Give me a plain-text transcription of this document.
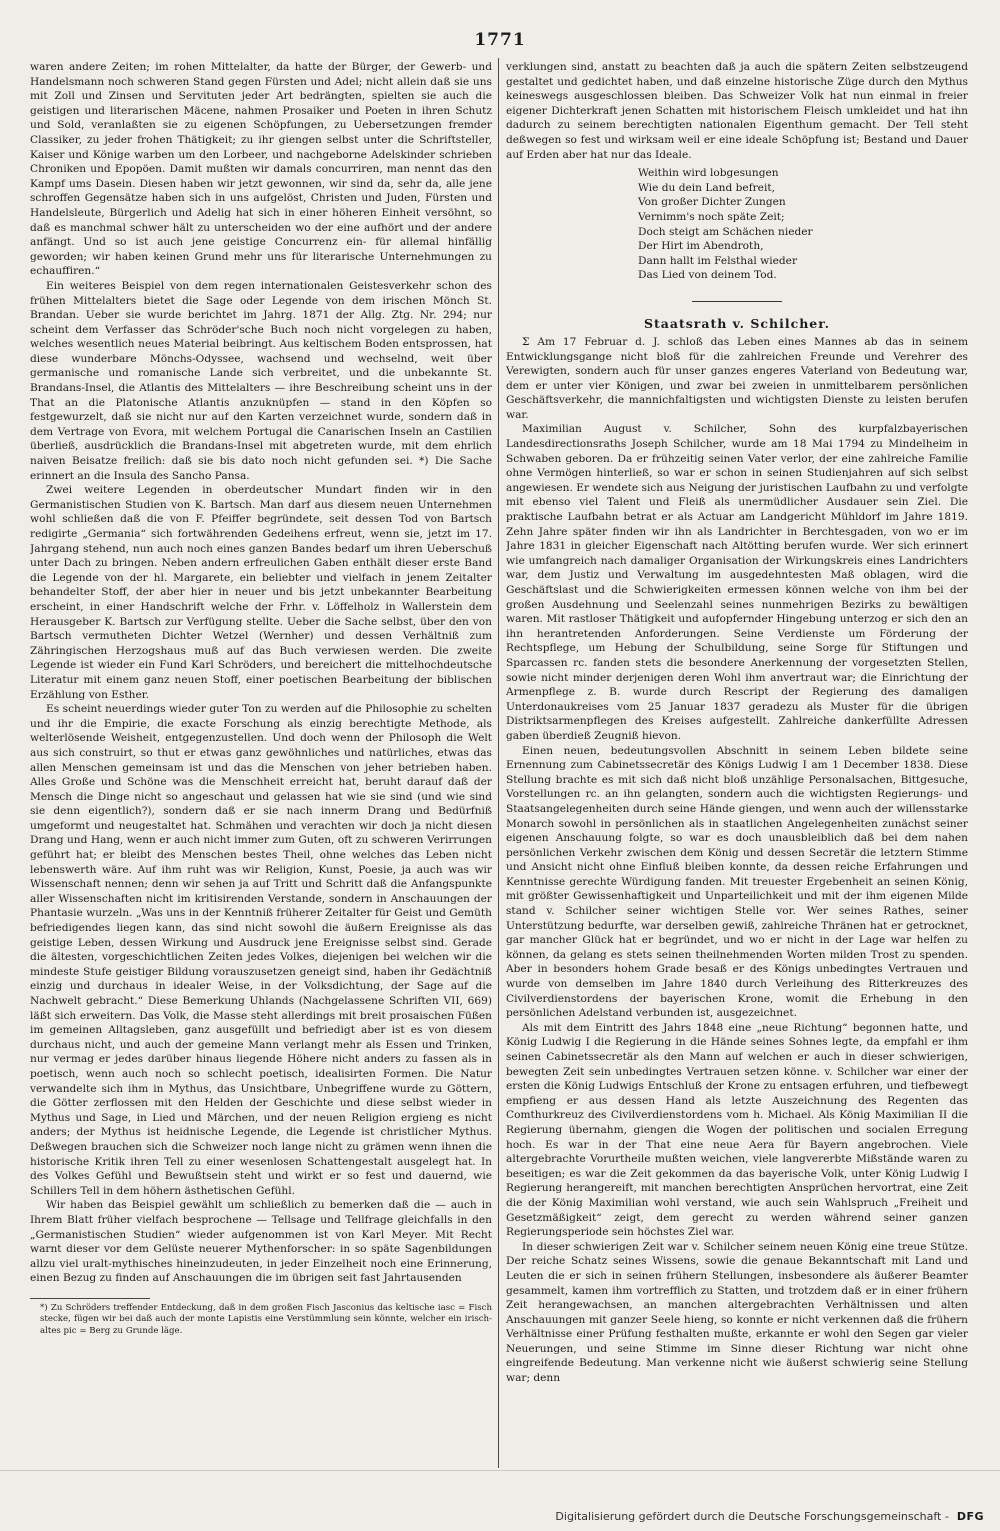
1771

waren andere Zeiten; im rohen Mittelalter, da hatte der Bürger, der Gewerb- und Handelsmann noch schweren Stand gegen Fürsten und Adel; nicht allein daß sie uns mit Zoll und Zinsen und Servituten jeder Art bedrängten, spielten sie auch die geistigen und literarischen Mäcene, nahmen Prosaiker und Poeten in ihren Schutz und Sold, veranlaßten sie zu eigenen Schöpfungen, zu Uebersetzungen fremder Classiker, zu jeder frohen Thätigkeit; zu ihr giengen selbst unter die Schriftsteller, Kaiser und Könige warben um den Lorbeer, und nachgeborne Adelskinder schrieben Chroniken und Epopöen. Damit mußten wir damals concurriren, man nennt das den Kampf ums Dasein. Diesen haben wir jetzt gewonnen, wir sind da, sehr da, alle jene schroffen Gegensätze haben sich in uns aufgelöst, Christen und Juden, Fürsten und Handelsleute, Bürgerlich und Adelig hat sich in einer höheren Einheit versöhnt, so daß es manchmal schwer hält zu unterscheiden wo der eine aufhört und der andere anfängt. Und so ist auch jene geistige Concurrenz ein- für allemal hinfällig geworden; wir haben keinen Grund mehr uns für literarische Unternehmungen zu echauffiren.“

Ein weiteres Beispiel von dem regen internationalen Geistesverkehr schon des frühen Mittelalters bietet die Sage oder Legende von dem irischen Mönch St. Brandan. Ueber sie wurde berichtet im Jahrg. 1871 der Allg. Ztg. Nr. 294; nur scheint dem Verfasser das Schröder'sche Buch noch nicht vorgelegen zu haben, welches wesentlich neues Material beibringt. Aus keltischem Boden entsprossen, hat diese wunderbare Mönchs-Odyssee, wachsend und wechselnd, weit über germanische und romanische Lande sich verbreitet, und die unbekannte St. Brandans-Insel, die Atlantis des Mittelalters — ihre Beschreibung scheint uns in der That an die Platonische Atlantis anzuknüpfen — stand in den Köpfen so festgewurzelt, daß sie nicht nur auf den Karten verzeichnet wurde, sondern daß in dem Vertrage von Evora, mit welchem Portugal die Canarischen Inseln an Castilien überließ, ausdrücklich die Brandans-Insel mit abgetreten wurde, mit dem ehrlich naiven Beisatze freilich: daß sie bis dato noch nicht gefunden sei. *) Die Sache erinnert an die Insula des Sancho Pansa.

Zwei weitere Legenden in oberdeutscher Mundart finden wir in den Germanistischen Studien von K. Bartsch. Man darf aus diesem neuen Unternehmen wohl schließen daß die von F. Pfeiffer begründete, seit dessen Tod von Bartsch redigirte „Germania“ sich fortwährenden Gedeihens erfreut, wenn sie, jetzt im 17. Jahrgang stehend, nun auch noch eines ganzen Bandes bedarf um ihren Ueberschuß unter Dach zu bringen. Neben andern erfreulichen Gaben enthält dieser erste Band die Legende von der hl. Margarete, ein beliebter und vielfach in jenem Zeitalter behandelter Stoff, der aber hier in neuer und bis jetzt unbekannter Bearbeitung erscheint, in einer Handschrift welche der Frhr. v. Löffelholz in Wallerstein dem Herausgeber K. Bartsch zur Verfügung stellte. Ueber die Sache selbst, über den von Bartsch vermutheten Dichter Wetzel (Wernher) und dessen Verhältniß zum Zähringischen Herzogshaus muß auf das Buch verwiesen werden. Die zweite Legende ist wieder ein Fund Karl Schröders, und bereichert die mittelhochdeutsche Literatur mit einem ganz neuen Stoff, einer poetischen Bearbeitung der biblischen Erzählung von Esther.

Es scheint neuerdings wieder guter Ton zu werden auf die Philosophie zu schelten und ihr die Empirie, die exacte Forschung als einzig berechtigte Methode, als welterlösende Weisheit, entgegenzustellen. Und doch wenn der Philosoph die Welt aus sich construirt, so thut er etwas ganz gewöhnliches und natürliches, etwas das allen Menschen gemeinsam ist und das die Menschen von jeher betrieben haben. Alles Große und Schöne was die Menschheit erreicht hat, beruht darauf daß der Mensch die Dinge nicht so angeschaut und gelassen hat wie sie sind (und wie sind sie denn eigentlich?), sondern daß er sie nach innerm Drang und Bedürfniß umgeformt und neugestaltet hat. Schmähen und verachten wir doch ja nicht diesen Drang und Hang, wenn er auch nicht immer zum Guten, oft zu schweren Verirrungen geführt hat; er bleibt des Menschen bestes Theil, ohne welches das Leben nicht lebenswerth wäre. Auf ihm ruht was wir Religion, Kunst, Poesie, ja auch was wir Wissenschaft nennen; denn wir sehen ja auf Tritt und Schritt daß die Anfangspunkte aller Wissenschaften nicht im kritisirenden Verstande, sondern in Anschauungen der Phantasie wurzeln. „Was uns in der Kenntniß früherer Zeitalter für Geist und Gemüth befriedigendes liegen kann, das sind nicht sowohl die äußern Ereignisse als das geistige Leben, dessen Wirkung und Ausdruck jene Ereignisse selbst sind. Gerade die ältesten, vorgeschichtlichen Zeiten jedes Volkes, diejenigen bei welchen wir die mindeste Stufe geistiger Bildung vorauszusetzen geneigt sind, haben ihr Gedächtniß einzig und durchaus in idealer Weise, in der Volksdichtung, der Sage auf die Nachwelt gebracht.“ Diese Bemerkung Uhlands (Nachgelassene Schriften VII, 669) läßt sich erweitern. Das Volk, die Masse steht allerdings mit breit prosaischen Füßen im gemeinen Alltagsleben, ganz ausgefüllt und befriedigt aber ist es von diesem durchaus nicht, und auch der gemeine Mann verlangt mehr als Essen und Trinken, nur vermag er jedes darüber hinaus liegende Höhere nicht anders zu fassen als in poetisch, wenn auch noch so schlecht poetisch, idealisirten Formen. Die Natur verwandelte sich ihm in Mythus, das Unsichtbare, Unbegriffene wurde zu Göttern, die Götter zerflossen mit den Helden der Geschichte und diese selbst wieder in Mythus und Sage, in Lied und Märchen, und der neuen Religion ergieng es nicht anders; der Mythus ist heidnische Legende, die Legende ist christlicher Mythus. Deßwegen brauchen sich die Schweizer noch lange nicht zu grämen wenn ihnen die historische Kritik ihren Tell zu einer wesenlosen Schattengestalt ausgelegt hat. In des Volkes Gefühl und Bewußtsein steht und wirkt er so fest und dauernd, wie Schillers Tell in dem höhern ästhetischen Gefühl.

Wir haben das Beispiel gewählt um schließlich zu bemerken daß die — auch in Ihrem Blatt früher vielfach besprochene — Tellsage und Tellfrage gleichfalls in den „Germanistischen Studien“ wieder aufgenommen ist von Karl Meyer. Mit Recht warnt dieser vor dem Gelüste neuerer Mythenforscher: in so späte Sagenbildungen allzu viel uralt-mythisches hineinzudeuten, in jeder Einzelheit noch eine Erinnerung, einen Bezug zu finden auf Anschauungen die im übrigen seit fast Jahrtausenden

*) Zu Schröders treffender Entdeckung, daß in dem großen Fisch Jasconius das keltische iasc = Fisch stecke, fügen wir bei daß auch der monte Lapistis eine Verstümmlung sein könnte, welcher ein irisch-altes pic = Berg zu Grunde läge.

verklungen sind, anstatt zu beachten daß ja auch die spätern Zeiten selbstzeugend gestaltet und gedichtet haben, und daß einzelne historische Züge durch den Mythus keineswegs ausgeschlossen bleiben. Das Schweizer Volk hat nun einmal in freier eigener Dichterkraft jenen Schatten mit historischem Fleisch umkleidet und hat ihn dadurch zu seinem berechtigten nationalen Eigenthum gemacht. Der Tell steht deßwegen so fest und wirksam weil er eine ideale Schöpfung ist; Bestand und Dauer auf Erden aber hat nur das Ideale.

Weithin wird lobgesungen
Wie du dein Land befreit,
Von großer Dichter Zungen
Vernimm's noch späte Zeit;
Doch steigt am Schächen nieder
Der Hirt im Abendroth,
Dann hallt im Felsthal wieder
Das Lied von deinem Tod.
Staatsrath v. Schilcher.

Σ Am 17 Februar d. J. schloß das Leben eines Mannes ab das in seinem Entwicklungsgange nicht bloß für die zahlreichen Freunde und Verehrer des Verewigten, sondern auch für unser ganzes engeres Vaterland von Bedeutung war, dem er unter vier Königen, und zwar bei zweien in unmittelbarem persönlichen Geschäftsverkehr, die mannichfaltigsten und wichtigsten Dienste zu leisten berufen war.

Maximilian August v. Schilcher, Sohn des kurpfalzbayerischen Landesdirectionsraths Joseph Schilcher, wurde am 18 Mai 1794 zu Mindelheim in Schwaben geboren. Da er frühzeitig seinen Vater verlor, der eine zahlreiche Familie ohne Vermögen hinterließ, so war er schon in seinen Studienjahren auf sich selbst angewiesen. Er wendete sich aus Neigung der juristischen Laufbahn zu und verfolgte mit ebenso viel Talent und Fleiß als unermüdlicher Ausdauer sein Ziel. Die praktische Laufbahn betrat er als Actuar am Landgericht Mühldorf im Jahre 1819. Zehn Jahre später finden wir ihn als Landrichter in Berchtesgaden, von wo er im Jahre 1831 in gleicher Eigenschaft nach Altötting berufen wurde. Wer sich erinnert wie umfangreich nach damaliger Organisation der Wirkungskreis eines Landrichters war, dem Justiz und Verwaltung im ausgedehntesten Maß oblagen, wird die Geschäftslast und die Schwierigkeiten ermessen können welche von ihm bei der großen Ausdehnung und Seelenzahl seines nunmehrigen Bezirks zu bewältigen waren. Mit rastloser Thätigkeit und aufopfernder Hingebung unterzog er sich den an ihn herantretenden Anforderungen. Seine Verdienste um Förderung der Rechtspflege, um Hebung der Schulbildung, seine Sorge für Stiftungen und Sparcassen rc. fanden stets die besondere Anerkennung der vorgesetzten Stellen, sowie nicht minder derjenigen deren Wohl ihm anvertraut war; die Einrichtung der Armenpflege z. B. wurde durch Rescript der Regierung des damaligen Unterdonaukreises vom 25 Januar 1837 geradezu als Muster für die übrigen Distriktsarmenpflegen des Kreises aufgestellt. Zahlreiche dankerfüllte Adressen gaben überdieß Zeugniß hievon.

Einen neuen, bedeutungsvollen Abschnitt in seinem Leben bildete seine Ernennung zum Cabinetssecretär des Königs Ludwig I am 1 December 1838. Diese Stellung brachte es mit sich daß nicht bloß unzählige Personalsachen, Bittgesuche, Vorstellungen rc. an ihn gelangten, sondern auch die wichtigsten Regierungs- und Staatsangelegenheiten durch seine Hände giengen, und wenn auch der willensstarke Monarch sowohl in persönlichen als in staatlichen Angelegenheiten zunächst seiner eigenen Anschauung folgte, so war es doch unausbleiblich daß bei dem nahen persönlichen Verkehr zwischen dem König und dessen Secretär die letztern Stimme und Ansicht nicht ohne Einfluß bleiben konnte, da dessen reiche Erfahrungen und Kenntnisse gerechte Würdigung fanden. Mit treuester Ergebenheit an seinen König, mit größter Gewissenhaftigkeit und Unparteilichkeit und mit der ihm eigenen Milde stand v. Schilcher seiner wichtigen Stelle vor. Wer seines Rathes, seiner Unterstützung bedurfte, war derselben gewiß, zahlreiche Thränen hat er getrocknet, gar mancher Glück hat er begründet, und wo er nicht in der Lage war helfen zu können, da gelang es stets seinen theilnehmenden Worten milden Trost zu spenden. Aber in besonders hohem Grade besaß er des Königs unbedingtes Vertrauen und wurde von demselben im Jahre 1840 durch Verleihung des Ritterkreuzes des Civilverdienstordens der bayerischen Krone, womit die Erhebung in den persönlichen Adelstand verbunden ist, ausgezeichnet.

Als mit dem Eintritt des Jahrs 1848 eine „neue Richtung“ begonnen hatte, und König Ludwig I die Regierung in die Hände seines Sohnes legte, da empfahl er ihm seinen Cabinetssecretär als den Mann auf welchen er auch in dieser schwierigen, bewegten Zeit sein unbedingtes Vertrauen setzen könne. v. Schilcher war einer der ersten die König Ludwigs Entschluß der Krone zu entsagen erfuhren, und tiefbewegt empfieng er aus dessen Hand als letzte Auszeichnung des Regenten das Comthurkreuz des Civilverdienstordens vom h. Michael. Als König Maximilian II die Regierung übernahm, giengen die Wogen der politischen und socialen Erregung hoch. Es war in der That eine neue Aera für Bayern angebrochen. Viele altergebrachte Vorurtheile mußten weichen, viele langvererbte Mißstände waren zu beseitigen; es war die Zeit gekommen da das bayerische Volk, unter König Ludwig I Regierung herangereift, mit manchen berechtigten Ansprüchen hervortrat, eine Zeit die der König Maximilian wohl verstand, wie auch sein Wahlspruch „Freiheit und Gesetzmäßigkeit“ zeigt, dem gerecht zu werden während seiner ganzen Regierungsperiode sein höchstes Ziel war.

In dieser schwierigen Zeit war v. Schilcher seinem neuen König eine treue Stütze. Der reiche Schatz seines Wissens, sowie die genaue Bekanntschaft mit Land und Leuten die er sich in seinen frühern Stellungen, insbesondere als äußerer Beamter gesammelt, kamen ihm vortrefflich zu Statten, und trotzdem daß er in einer frühern Zeit herangewachsen, an manchen altergebrachten Verhältnissen und alten Anschauungen mit ganzer Seele hieng, so konnte er nicht verkennen daß die frühern Verhältnisse einer Prüfung festhalten mußte, erkannte er wohl den Segen gar vieler Neuerungen, und seine Stimme im Sinne dieser Richtung war nicht ohne eingreifende Bedeutung. Man verkenne nicht wie äußerst schwierig seine Stellung war; denn

Digitalisierung gefördert durch die Deutsche Forschungsgemeinschaft - DFG
